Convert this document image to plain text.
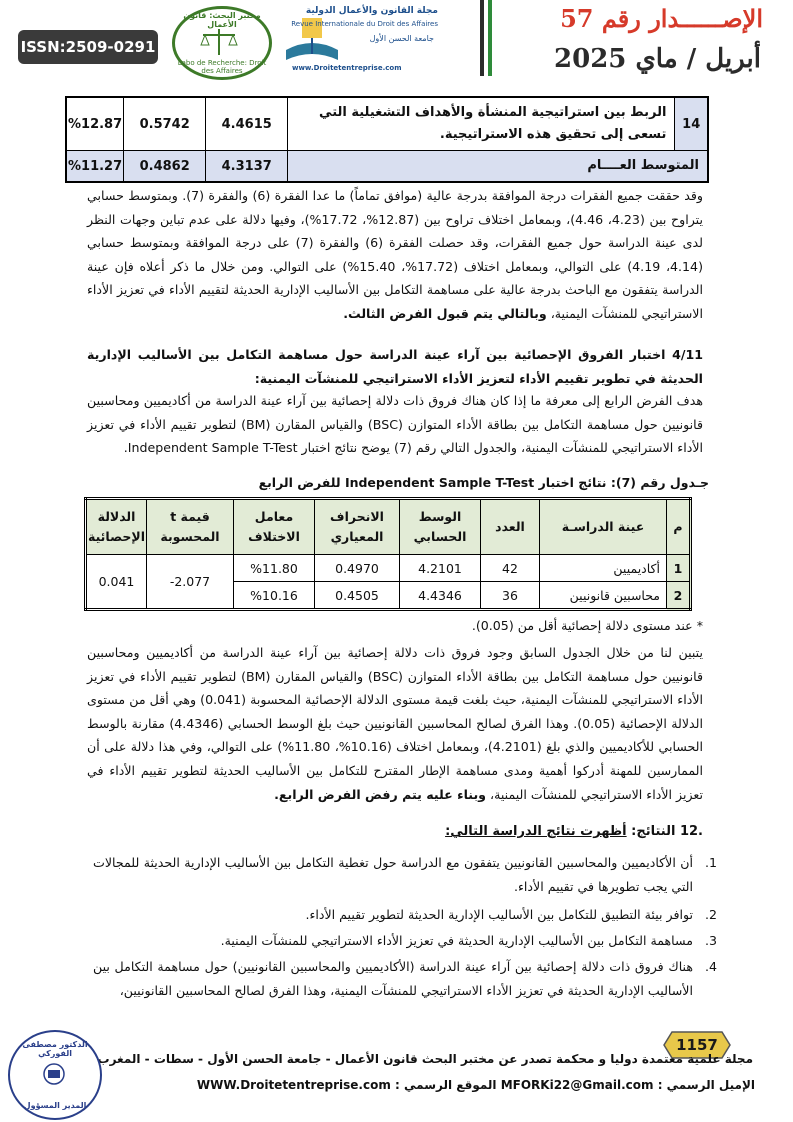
الإصــــــدار رقم 57
أبريل / ماي 2025
مجلة القانون والأعمال الدولية
Revue Internationale du Droit des Affaires
جامعة الحسن الأول
www.Droitetentreprise.com
مختبر البحث: قانون الأعمال
Labo de Recherche: Droit des Affaires
ISSN:2509-0291
14	الربط بين استراتيجية المنشأة والأهداف التشغيلية التي تسعى إلى تحقيق هذه الاستراتيجية.	4.4615	0.5742	%12.87
المتوسط العــــام		4.3137	0.4862	%11.27
وقد حققت جميع الفقرات درجة الموافقة بدرجة عالية (موافق تماماً) ما عدا الفقرة (6) والفقرة (7). وبمتوسط حسابي يتراوح بين (4.23، 4.46)، وبمعامل اختلاف تراوح بين (12.87%، 17.72%)، وفيها دلالة على عدم تباين وجهات النظر لدى عينة الدراسة حول جميع الفقرات، وقد حصلت الفقرة (6) والفقرة (7) على درجة الموافقة وبمتوسط حسابي (4.14، 4.19) على التوالي، وبمعامل اختلاف (17.72%، 15.40%) على التوالي. ومن خلال ما ذكر أعلاه فإن عينة الدراسة يتفقون مع الباحث بدرجة عالية على مساهمة التكامل بين الأساليب الإدارية الحديثة لتقييم الأداء في تعزيز الأداء الاستراتيجي للمنشآت اليمنية، وبالتالي يتم قبول الفرض الثالث.
4/11 اختبار الفروق الإحصائية بين آراء عينة الدراسة حول مساهمة التكامل بين الأساليب الإدارية الحديثة في تطوير تقييم الأداء لتعزيز الأداء الاستراتيجي للمنشآت اليمنية:
هدف الفرض الرابع إلى معرفة ما إذا كان هناك فروق ذات دلالة إحصائية بين آراء عينة الدراسة من أكاديميين ومحاسبين قانونيين حول مساهمة التكامل بين بطاقة الأداء المتوازن (BSC) والقياس المقارن (BM) لتطوير تقييم الأداء في تعزيز الأداء الاستراتيجي للمنشآت اليمنية، والجدول التالي رقم (7) يوضح نتائج اختبار Independent Sample T-Test.
جـدول رقم (7): نتائج اختبار Independent Sample T-Test للفرض الرابع
م	عينة الدراسـة	العدد	الوسط الحسابي	الانحراف المعياري	معامل الاختلاف	قيمة t المحسوبة	الدلالة الإحصائية
1	أكاديميين	42	4.2101	0.4970	%11.80	-2.077	0.041
2	محاسبين قانونيين	36	4.4346	0.4505	%10.16		
* عند مستوى دلالة إحصائية أقل من (0.05).
يتبين لنا من خلال الجدول السابق وجود فروق ذات دلالة إحصائية بين آراء عينة الدراسة من أكاديميين ومحاسبين قانونيين حول مساهمة التكامل بين بطاقة الأداء المتوازن (BSC) والقياس المقارن (BM) لتطوير تقييم الأداء في تعزيز الأداء الاستراتيجي للمنشآت اليمنية، حيث بلغت قيمة مستوى الدلالة الإحصائية المحسوبة (0.041) وهي أقل من مستوى الدلالة الإحصائية (0.05). وهذا الفرق لصالح المحاسبين القانونيين حيث بلغ الوسط الحسابي (4.4346) مقارنة بالوسط الحسابي للأكاديميين والذي بلغ (4.2101)، وبمعامل اختلاف (10.16%، 11.80%) على التوالي، وفي هذا دلالة على أن الممارسين للمهنة أدركوا أهمية ومدى مساهمة الإطار المقترح للتكامل بين الأساليب الحديثة لتطوير تقييم الأداء في تعزيز الأداء الاستراتيجي للمنشآت اليمنية، وبناء عليه يتم رفض الفرض الرابع.
.12 النتائج: أظهرت نتائج الدراسة التالي:
1.
أن الأكاديميين والمحاسبين القانونيين يتفقون مع الدراسة حول تغطية التكامل بين الأساليب الإدارية الحديثة للمجالات التي يجب تطويرها في تقييم الأداء.
2.
توافر بيئة التطبيق للتكامل بين الأساليب الإدارية الحديثة لتطوير تقييم الأداء.
3.
مساهمة التكامل بين الأساليب الإدارية الحديثة في تعزيز الأداء الاستراتيجي للمنشآت اليمنية.
4.
هناك فروق ذات دلالة إحصائية بين آراء عينة الدراسة (الأكاديميين والمحاسبين القانونيين) حول مساهمة التكامل بين الأساليب الإدارية الحديثة في تعزيز الأداء الاستراتيجي للمنشآت اليمنية، وهذا الفرق لصالح المحاسبين القانونيين،
1157
مجلة علمية معتمدة دوليا و محكمة تصدر عن مختبر البحث قانون الأعمال - جامعة الحسن الأول - سطات - المغرب
الإميل الرسمي : MFORKi22@Gmail.com الموقع الرسمي : WWW.Droitetentreprise.com
الدكتور مصطفى الفوركي
المدير المسؤول
